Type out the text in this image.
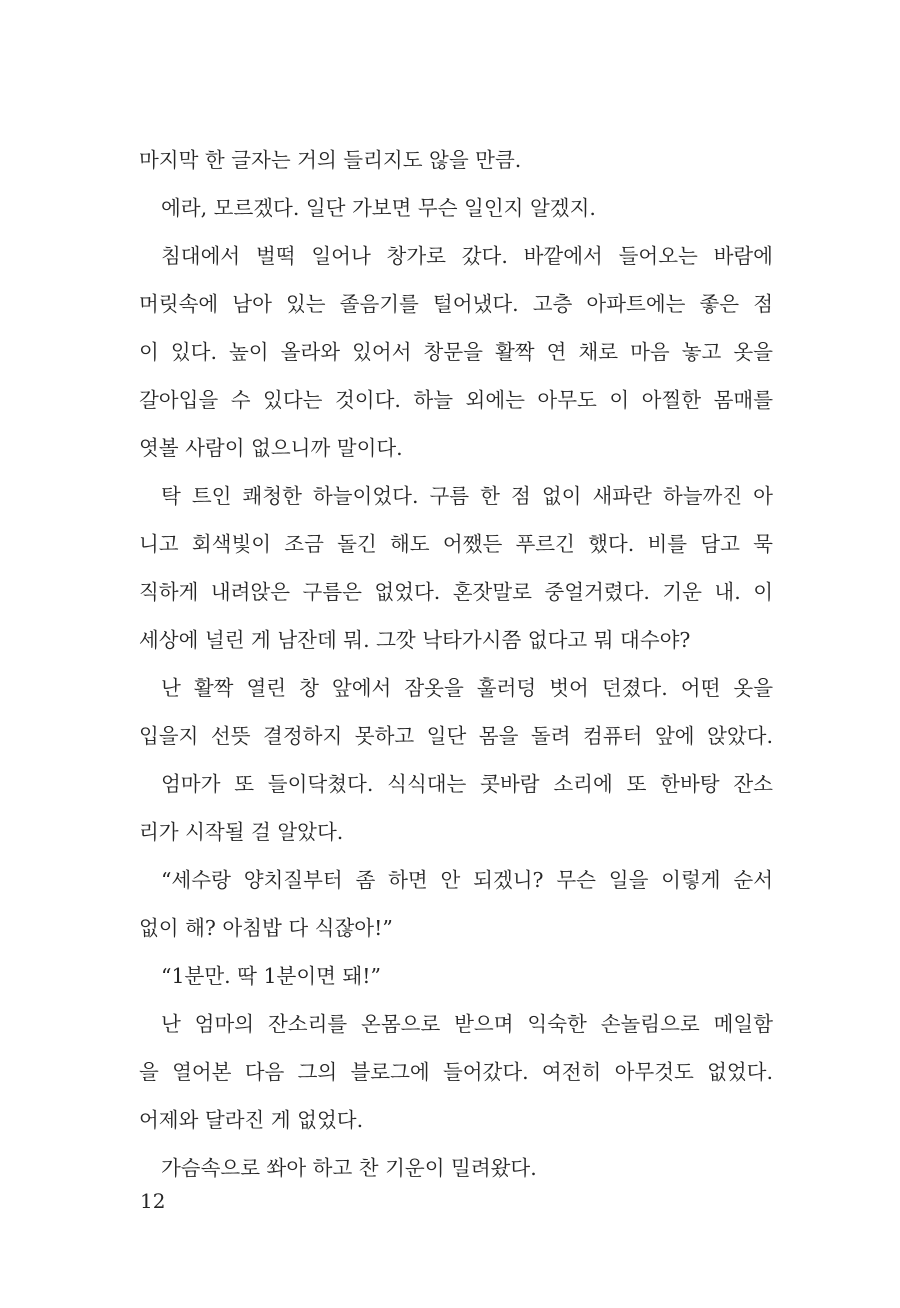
마지막 한 글자는 거의 들리지도 않을 만큼.
에라, 모르겠다. 일단 가보면 무슨 일인지 알겠지.
침대에서 벌떡 일어나 창가로 갔다. 바깥에서 들어오는 바람에
머릿속에 남아 있는 졸음기를 털어냈다. 고층 아파트에는 좋은 점
이 있다. 높이 올라와 있어서 창문을 활짝 연 채로 마음 놓고 옷을
갈아입을 수 있다는 것이다. 하늘 외에는 아무도 이 아찔한 몸매를
엿볼 사람이 없으니까 말이다.
탁 트인 쾌청한 하늘이었다. 구름 한 점 없이 새파란 하늘까진 아
니고 회색빛이 조금 돌긴 해도 어쨌든 푸르긴 했다. 비를 담고 묵
직하게 내려앉은 구름은 없었다. 혼잣말로 중얼거렸다. 기운 내. 이
세상에 널린 게 남잔데 뭐. 그깟 낙타가시쯤 없다고 뭐 대수야?
난 활짝 열린 창 앞에서 잠옷을 훌러덩 벗어 던졌다. 어떤 옷을
입을지 선뜻 결정하지 못하고 일단 몸을 돌려 컴퓨터 앞에 앉았다.
엄마가 또 들이닥쳤다. 식식대는 콧바람 소리에 또 한바탕 잔소
리가 시작될 걸 알았다.
“세수랑 양치질부터 좀 하면 안 되겠니? 무슨 일을 이렇게 순서
없이 해? 아침밥 다 식잖아!”
“1분만. 딱 1분이면 돼!”
난 엄마의 잔소리를 온몸으로 받으며 익숙한 손놀림으로 메일함
을 열어본 다음 그의 블로그에 들어갔다. 여전히 아무것도 없었다.
어제와 달라진 게 없었다.
가슴속으로 쏴아 하고 찬 기운이 밀려왔다.
12
